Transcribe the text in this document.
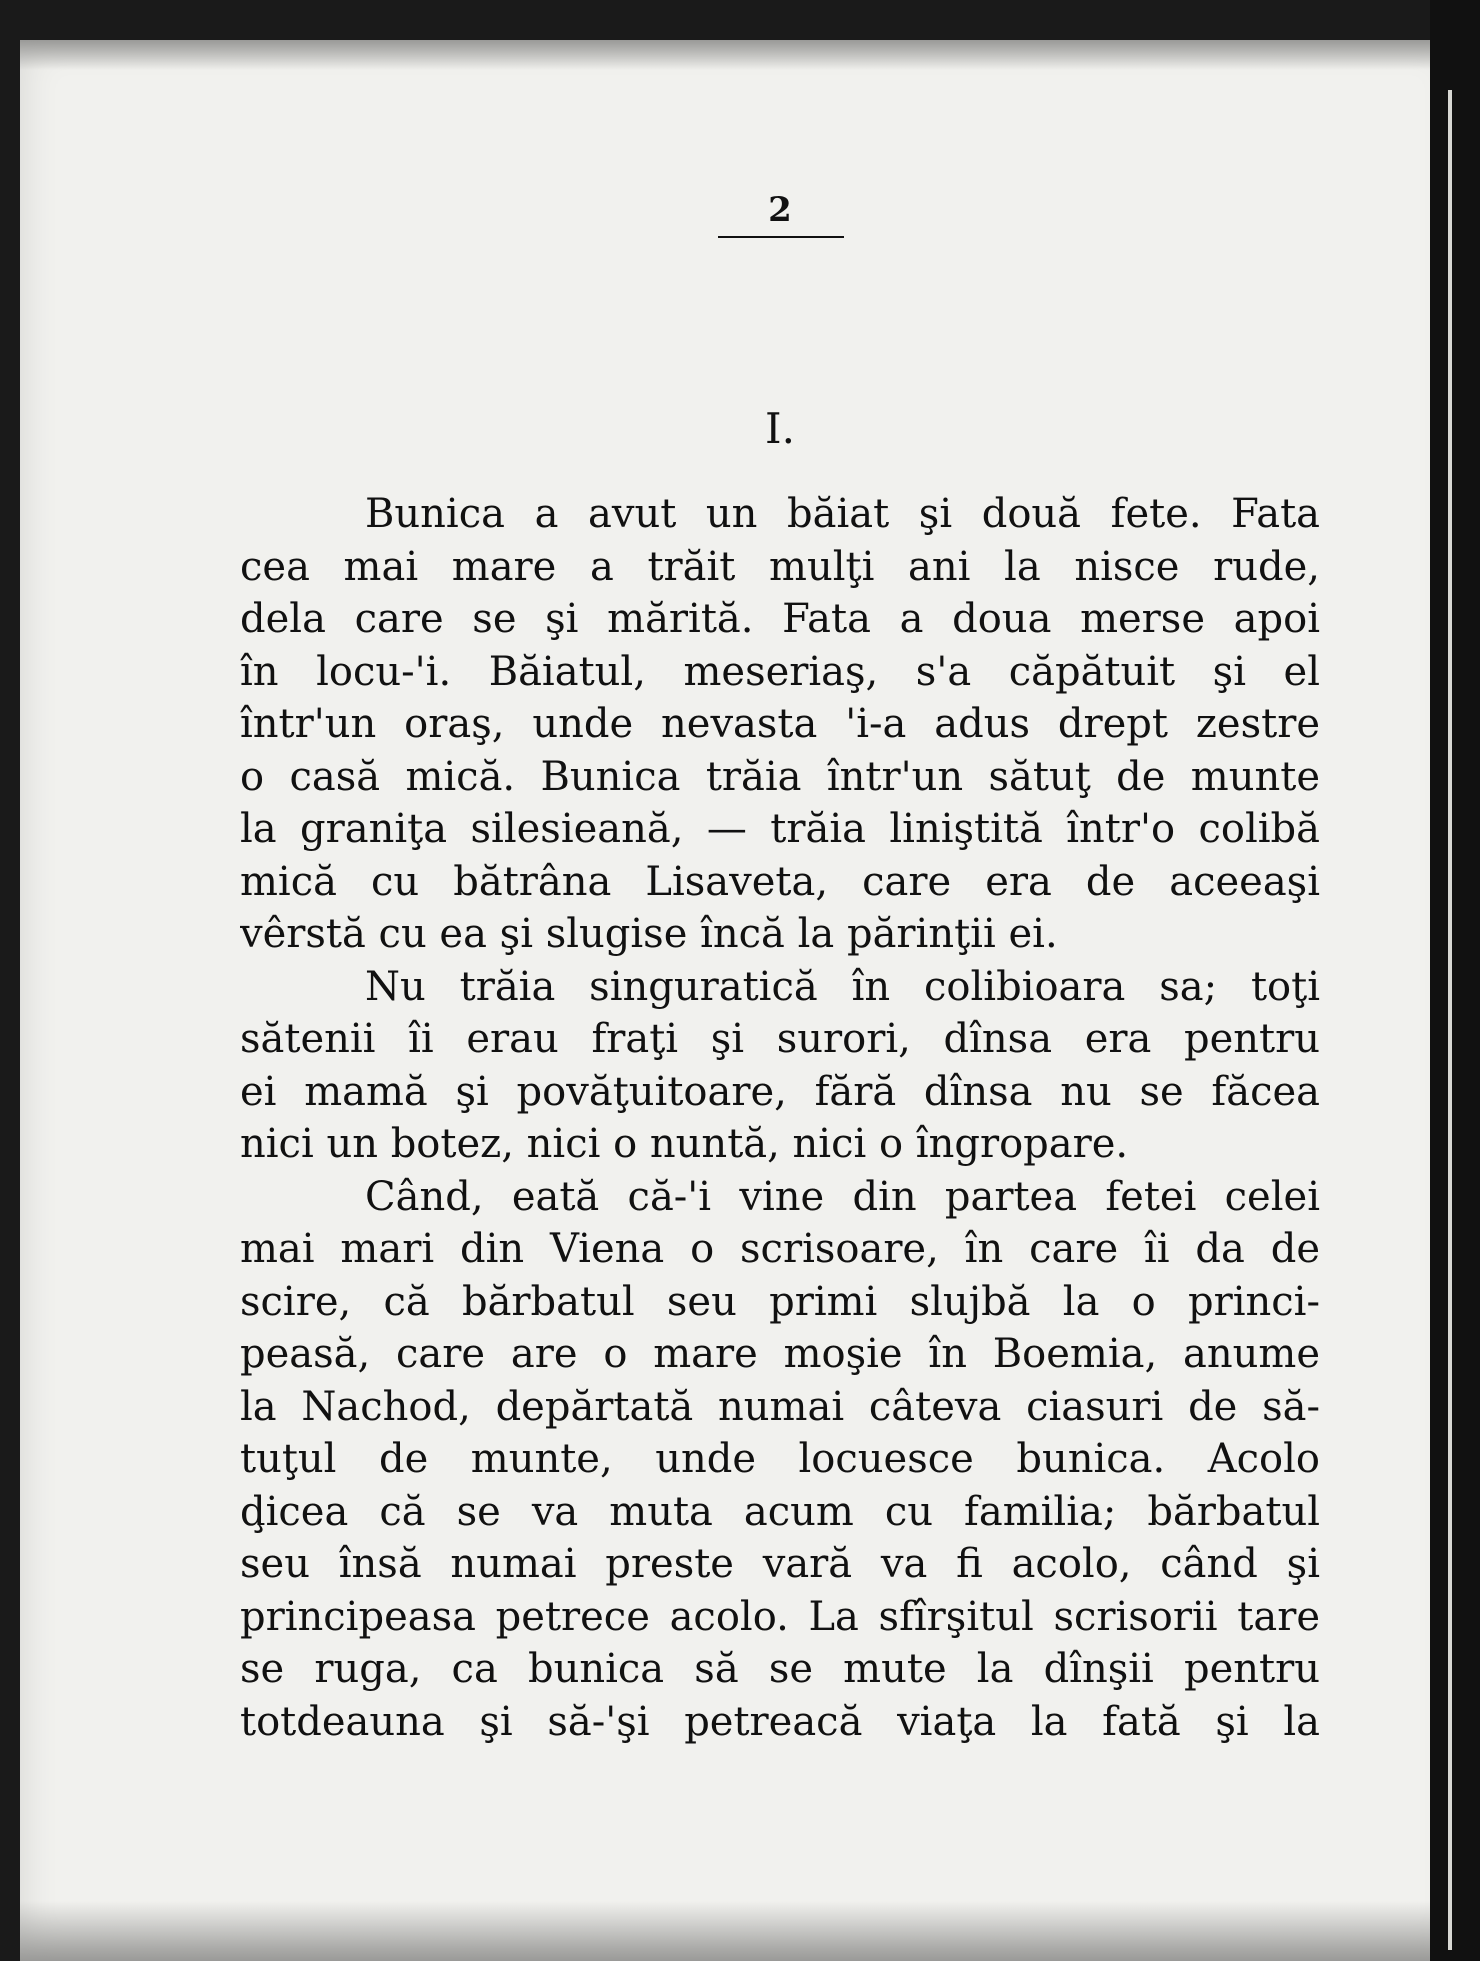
2
I.
Bunica a avut un băiat şi două fete. Fata
cea mai mare a trăit mulţi ani la nisce rude,
dela care se şi mărită. Fata a doua merse apoi
în locu-'i. Băiatul, meseriaş, s'a căpătuit şi el
într'un oraş, unde nevasta 'i-a adus drept zestre
o casă mică. Bunica trăia într'un sătuţ de munte
la graniţa silesieană, — trăia liniştită într'o colibă
mică cu bătrâna Lisaveta, care era de aceeaşi
vêrstă cu ea şi slugise încă la părinţii ei.
Nu trăia singuratică în colibioara sa; toţi
sătenii îi erau fraţi şi surori, dînsa era pentru
ei mamă şi povăţuitoare, fără dînsa nu se făcea
nici un botez, nici o nuntă, nici o îngropare.
Când, eată că-'i vine din partea fetei celei
mai mari din Viena o scrisoare, în care îi da de
scire, că bărbatul seu primi slujbă la o princi-
peasă, care are o mare moşie în Boemia, anume
la Nachod, depărtată numai câteva ciasuri de să-
tuţul de munte, unde locuesce bunica. Acolo
ḑicea că se va muta acum cu familia; bărbatul
seu însă numai preste vară va fi acolo, când şi
principeasa petrece acolo. La sfîrşitul scrisorii tare
se ruga, ca bunica să se mute la dînşii pentru
totdeauna şi să-'şi petreacă viaţa la fată şi la
